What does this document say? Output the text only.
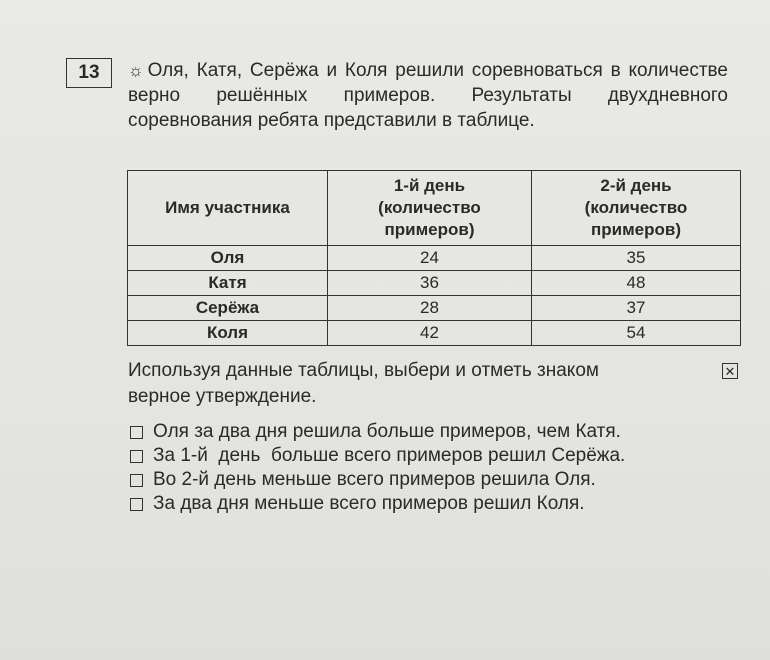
13	☼ Оля, Катя, Серёжа и Коля решили соревноваться в количестве верно решённых примеров. Результаты двухдневного соревнования ребята представили в таблице.
Имя участника	1-й день (количество примеров)	2-й день (количество примеров)

Оля	24	35
Катя	36	48
Серёжа	28	37
Коля	42	54
Используя данные таблицы, выбери и отметь знаком	✕
верное утверждение.
Оля за два дня решила больше примеров, чем Катя.
За 1-й  день  больше всего примеров решил Серёжа.
Во 2-й день меньше всего примеров решила Оля.
За два дня меньше всего примеров решил Коля.
